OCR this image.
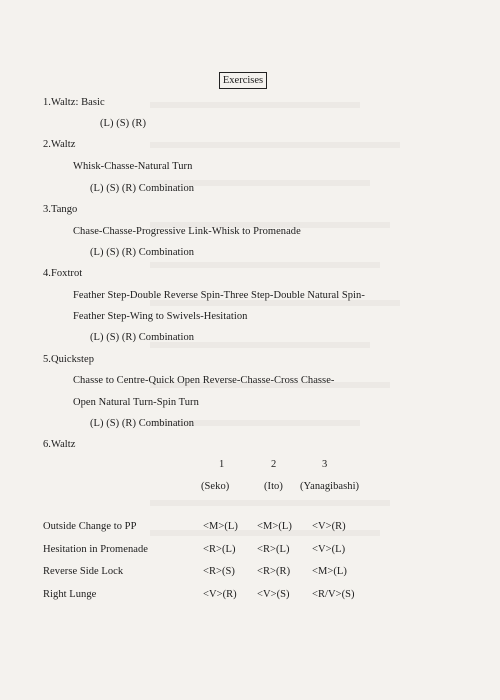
Exercises
1.Waltz: Basic
(L) (S) (R)
2.Waltz
Whisk-Chasse-Natural Turn
(L) (S) (R) Combination
3.Tango
Chase-Chasse-Progressive Link-Whisk to Promenade
(L) (S) (R) Combination
4.Foxtrot
Feather Step-Double Reverse Spin-Three Step-Double Natural Spin-
Feather Step-Wing to Swivels-Hesitation
(L) (S) (R) Combination
5.Quickstep
Chasse to Centre-Quick Open Reverse-Chasse-Cross Chasse-
Open Natural Turn-Spin Turn
(L) (S) (R) Combination
6.Waltz
1	2	3
(Seko)	(Ito) (Yanagibashi)
Outside Change to PP	<M>(L) <M>(L) <V>(R)
Hesitation in Promenade	<R>(L) <R>(L) <V>(L)
Reverse Side Lock	<R>(S) <R>(R) <M>(L)
Right Lunge	<V>(R) <V>(S) <R/V>(S)
